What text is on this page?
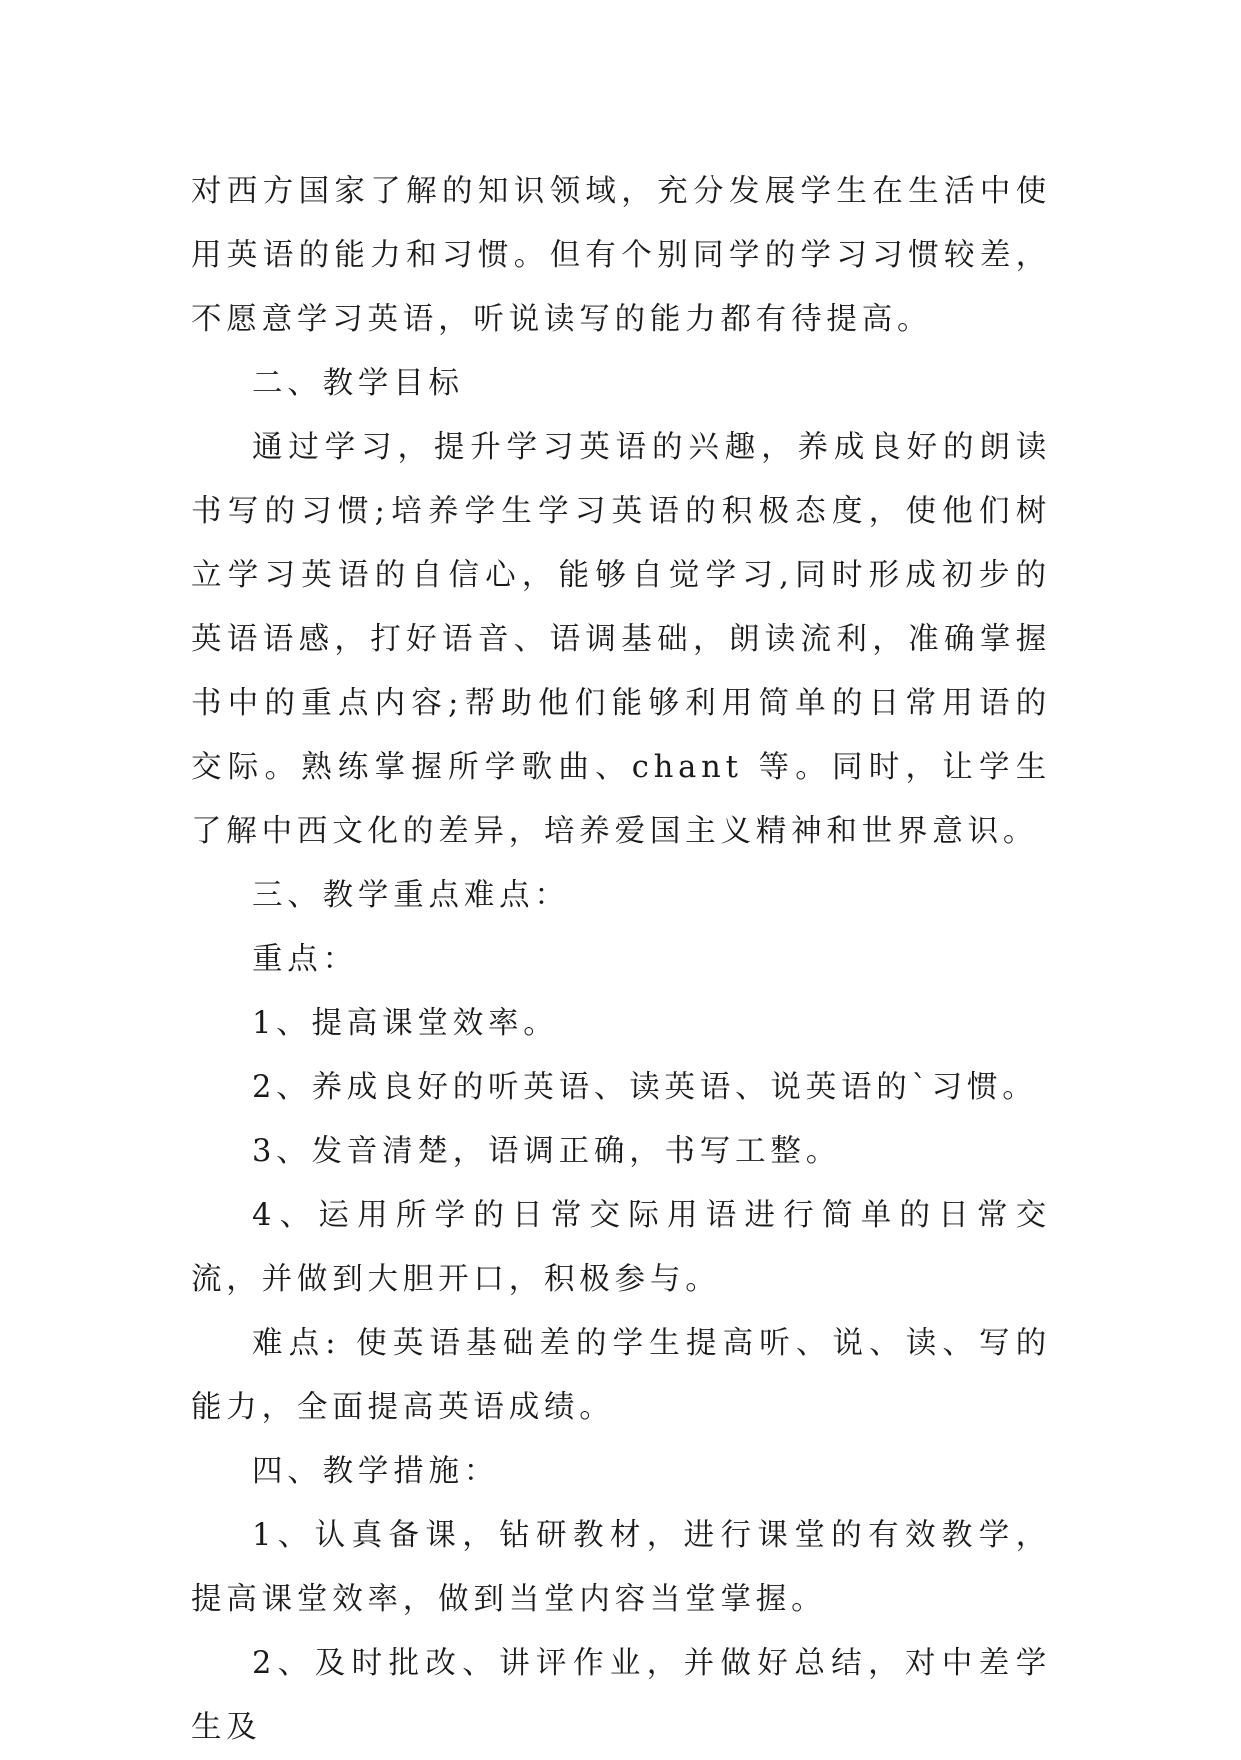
对西方国家了解的知识领域，充分发展学生在生活中使用英语的能力和习惯。但有个别同学的学习习惯较差，不愿意学习英语，听说读写的能力都有待提高。

二、教学目标

通过学习，提升学习英语的兴趣，养成良好的朗读书写的习惯;培养学生学习英语的积极态度，使他们树立学习英语的自信心，能够自觉学习,同时形成初步的英语语感，打好语音、语调基础，朗读流利，准确掌握书中的重点内容;帮助他们能够利用简单的日常用语的交际。熟练掌握所学歌曲、chant 等。同时，让学生了解中西文化的差异，培养爱国主义精神和世界意识。

三、教学重点难点：

重点：

1、提高课堂效率。

2、养成良好的听英语、读英语、说英语的`习惯。

3、发音清楚，语调正确，书写工整。

4、运用所学的日常交际用语进行简单的日常交流，并做到大胆开口，积极参与。

难点: 使英语基础差的学生提高听、说、读、写的能力，全面提高英语成绩。

四、教学措施：

1、认真备课，钻研教材，进行课堂的有效教学，提高课堂效率，做到当堂内容当堂掌握。

2、及时批改、讲评作业，并做好总结，对中差学生及
